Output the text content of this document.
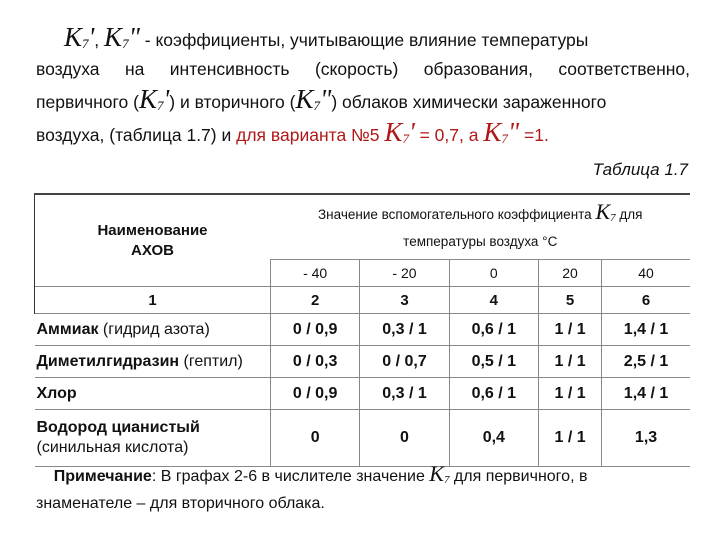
$K_7'$, $K_7$" - коэффициенты, учитывающие влияние температуры
воздуха на интенсивность (скорость) образования, соответственно,
первичного $(K_7')$ и вторичного $(K_7")$ облаков химически зараженного
воздуха, (таблица 1.7) и для варианта №5 $K_7' = 0,7$, а $K_7$" =1.
Таблица 1.7
Наименование
АХОВ	Значение вспомогательного коэффициента $K_7$ для
температуры воздуха °С				
	- 40	- 20	0	20	40
1	2	3	4	5	6
Аммиак (гидрид азота)	0 / 0,9	0,3 / 1	0,6 / 1	1 / 1	1,4 / 1
Диметилгидразин (гептил)	0 / 0,3	0 / 0,7	0,5 / 1	1 / 1	2,5 / 1
Хлор	0 / 0,9	0,3 / 1	0,6 / 1	1 / 1	1,4 / 1
Водород цианистый
(синильная кислота)	0	0	0,4	1 / 1	1,3
Примечание: В графах 2-6 в числителе значение $K_7$ для первичного, в знаменателе – для вторичного облака.
